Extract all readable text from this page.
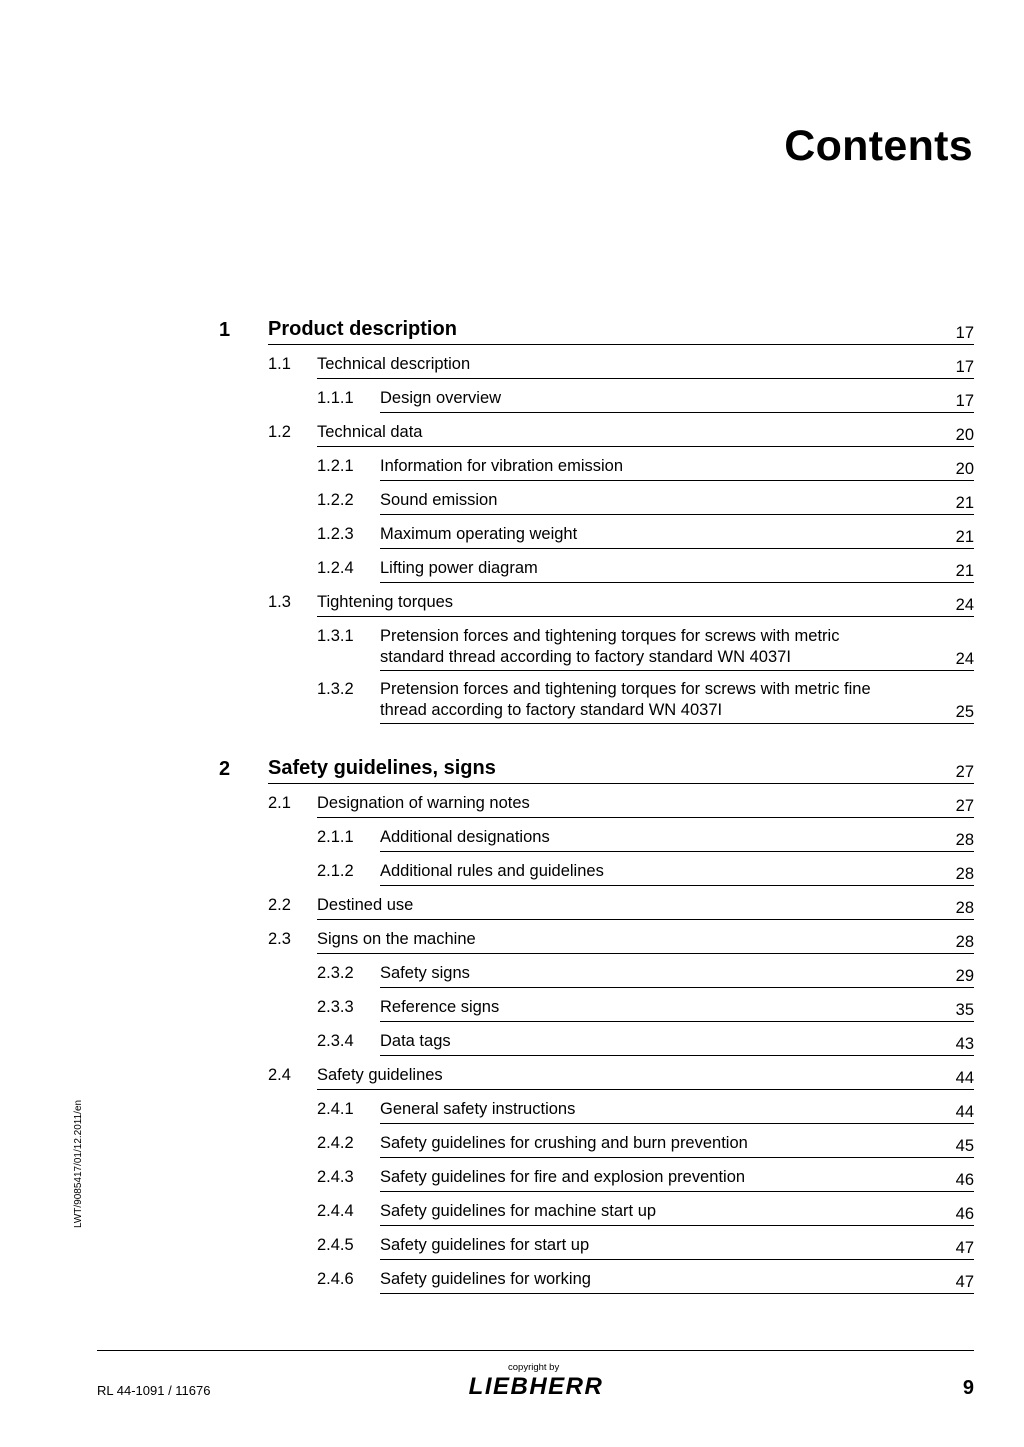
Contents
1 Product description	17
1.1 Technical description	17
1.1.1 Design overview	17
1.2 Technical data	20
1.2.1 Information for vibration emission	20
1.2.2 Sound emission	21
1.2.3 Maximum operating weight	21
1.2.4 Lifting power diagram	21
1.3 Tightening torques	24
1.3.1 Pretension forces and tightening torques for screws with metric
standard thread according to factory standard WN 4037I	24
1.3.2 Pretension forces and tightening torques for screws with metric fine
thread according to factory standard WN 4037I	25
2 Safety guidelines, signs	27
2.1 Designation of warning notes	27
2.1.1 Additional designations	28
2.1.2 Additional rules and guidelines	28
2.2 Destined use	28
2.3 Signs on the machine	28
2.3.2 Safety signs	29
2.3.3 Reference signs	35
2.3.4 Data tags	43
2.4 Safety guidelines	44
2.4.1 General safety instructions	44
2.4.2 Safety guidelines for crushing and burn prevention	45
2.4.3 Safety guidelines for fire and explosion prevention	46
2.4.4 Safety guidelines for machine start up	46
2.4.5 Safety guidelines for start up	47
2.4.6 Safety guidelines for working	47
LWT/9085417/01/12.2011/en
RL 44-1091 / 11676
copyright by
LIEBHERR	9
